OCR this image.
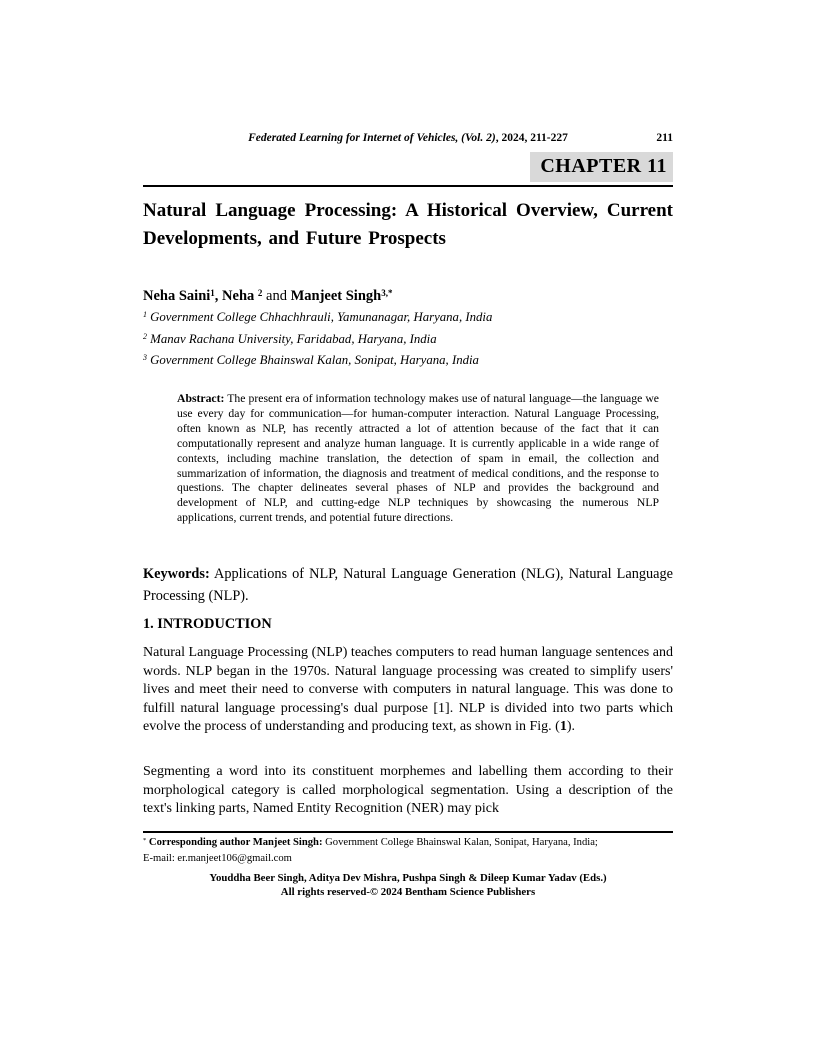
Federated Learning for Internet of Vehicles, (Vol. 2), 2024, 211-227	211
CHAPTER 11
Natural Language Processing: A Historical Overview, Current Developments, and Future Prospects
Neha Saini$^1$, Neha $^2$ and Manjeet Singh$^{3,*}$
$^1$ Government College Chhachhrauli, Yamunanagar, Haryana, India
$^2$ Manav Rachana University, Faridabad, Haryana, India
$^3$ Government College Bhainswal Kalan, Sonipat, Haryana, India
Abstract: The present era of information technology makes use of natural language—the language we use every day for communication—for human-computer interaction. Natural Language Processing, often known as NLP, has recently attracted a lot of attention because of the fact that it can computationally represent and analyze human language. It is currently applicable in a wide range of contexts, including machine translation, the detection of spam in email, the collection and summarization of information, the diagnosis and treatment of medical conditions, and the response to questions. The chapter delineates several phases of NLP and provides the background and development of NLP, and cutting-edge NLP techniques by showcasing the numerous NLP applications, current trends, and potential future directions.
Keywords: Applications of NLP, Natural Language Generation (NLG), Natural Language Processing (NLP).
1. INTRODUCTION
Natural Language Processing (NLP) teaches computers to read human language sentences and words. NLP began in the 1970s. Natural language processing was created to simplify users' lives and meet their need to converse with computers in natural language. This was done to fulfill natural language processing's dual purpose [1]. NLP is divided into two parts which evolve the process of understanding and producing text, as shown in Fig. (1).
Segmenting a word into its constituent morphemes and labelling them according to their morphological category is called morphological segmentation. Using a description of the text's linking parts, Named Entity Recognition (NER) may pick
* Corresponding author Manjeet Singh: Government College Bhainswal Kalan, Sonipat, Haryana, India;
E-mail: er.manjeet106@gmail.com
Youddha Beer Singh, Aditya Dev Mishra, Pushpa Singh & Dileep Kumar Yadav (Eds.)
All rights reserved-© 2024 Bentham Science Publishers
